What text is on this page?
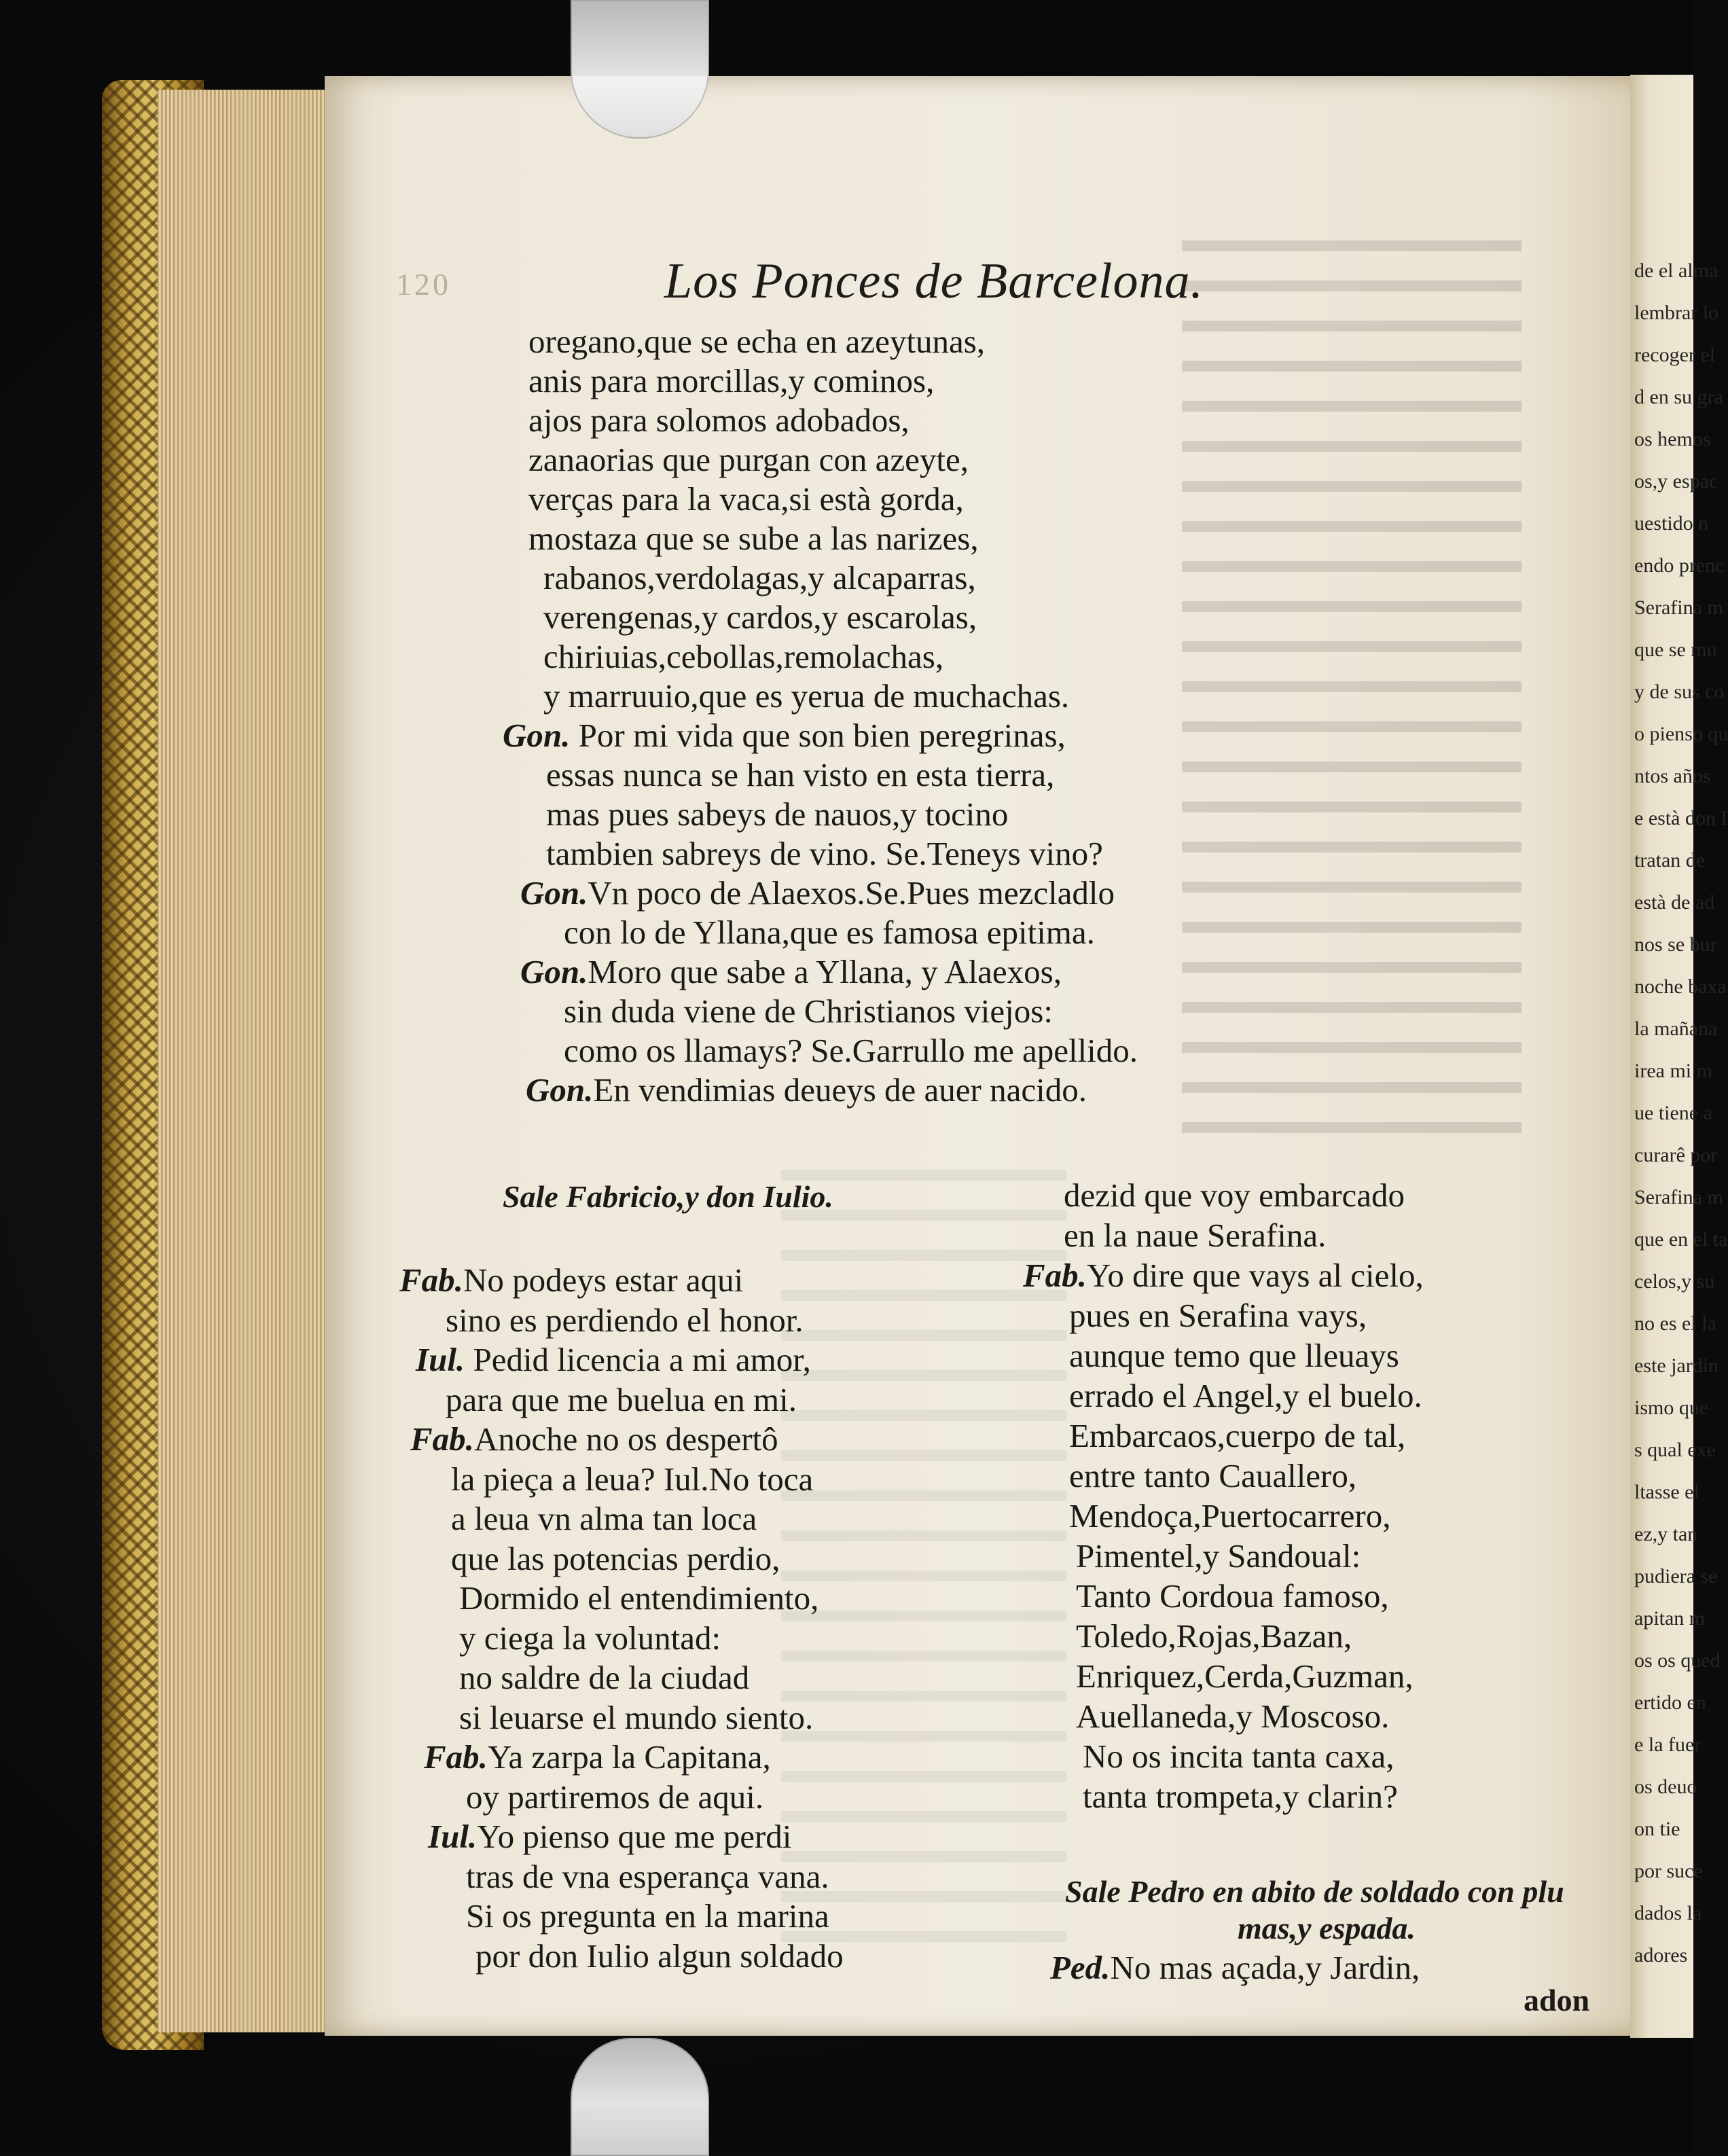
de el alma
lembrar lo
recoger el
d en su gra
os hemos
os,y espac
uestido n
endo prenc
Serafina m
que se mu
y de sus co
o pienso qu
ntos años
e està don I
tratan de
està de ad
nos se bur
noche baxa
la mañana
irea mi m
ue tiene a
curarê por
Serafina m
que en el ta
celos,y su
no es el la
este jardin
ismo que
s qual exe
ltasse el
ez,y tan
pudiera se
apitan m
os os qued
ertido en
e la fuer
os deuo
on tie
por suce
dados la
adores
120	Los Ponces de Barcelona.
oregano,que se echa en azeytunas,
anis para morcillas,y cominos,
ajos para solomos adobados,
zanaorias que purgan con azeyte,
verças para la vaca,si està gorda,
mostaza que se sube a las narizes,
rabanos,verdolagas,y alcaparras,
verengenas,y cardos,y escarolas,
chiriuias,cebollas,remolachas,
y marruuio,que es yerua de muchachas.
Gon. Por mi vida que son bien peregrinas,
essas nunca se han visto en esta tierra,
mas pues sabeys de nauos,y tocino
tambien sabreys de vino. Se.Teneys vino?
Gon.Vn poco de Alaexos.Se.Pues mezcladlo
con lo de Yllana,que es famosa epitima.
Gon.Moro que sabe a Yllana, y Alaexos,
sin duda viene de Christianos viejos:
como os llamays? Se.Garrullo me apellido.
Gon.En vendimias deueys de auer nacido.
Fab.No podeys estar aqui
sino es perdiendo el honor.
Iul. Pedid licencia a mi amor,
para que me buelua en mi.
Fab.Anoche no os despertô
la pieça a leua? Iul.No toca
a leua vn alma tan loca
que las potencias perdio,
Dormido el entendimiento,
y ciega la voluntad:
no saldre de la ciudad
si leuarse el mundo siento.
Fab.Ya zarpa la Capitana,
oy partiremos de aqui.
Iul.Yo pienso que me perdi
tras de vna esperança vana.
Si os pregunta en la marina
por don Iulio algun soldado
dezid que voy embarcado
en la naue Serafina.
Fab.Yo dire que vays al cielo,
pues en Serafina vays,
aunque temo que lleuays
errado el Angel,y el buelo.
Embarcaos,cuerpo de tal,
entre tanto Cauallero,
Mendoça,Puertocarrero,
Pimentel,y Sandoual:
Tanto Cordoua famoso,
Toledo,Rojas,Bazan,
Enriquez,Cerda,Guzman,
Auellaneda,y Moscoso.
No os incita tanta caxa,
tanta trompeta,y clarin?
Ped.No mas açada,y Jardin,
Sale Fabricio,y don Iulio.
Sale Pedro en abito de soldado con plu
mas,y espada.
adon
